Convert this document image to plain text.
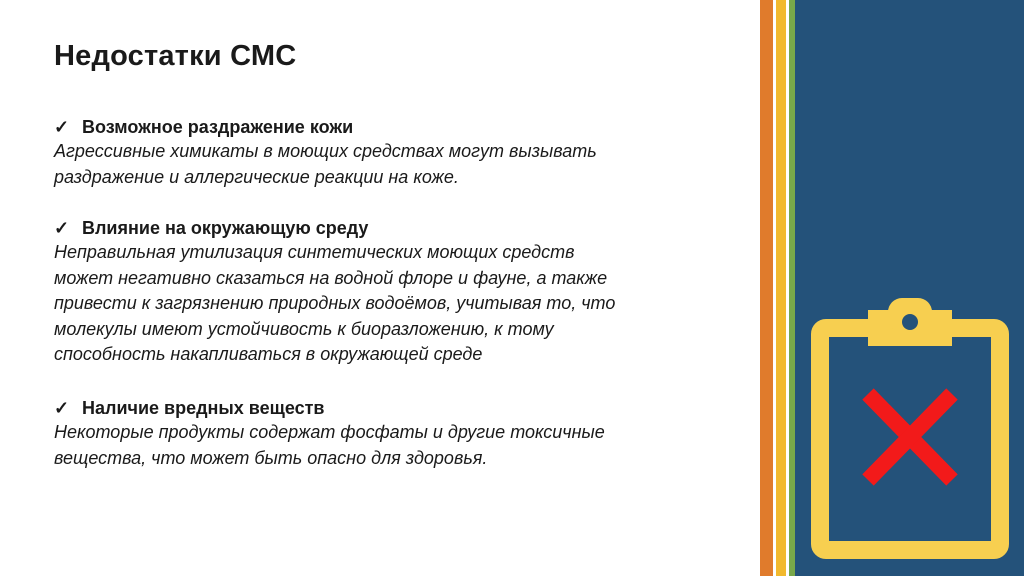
Недостатки СМС
✓ Возможное раздражение кожи

Агрессивные химикаты в моющих средствах могут вызывать
раздражение и аллергические реакции на коже.

✓ Влияние на окружающую среду

Неправильная утилизация синтетических моющих средств
может негативно сказаться на водной флоре и фауне, а также
привести к загрязнению природных водоёмов, учитывая то, что
молекулы имеют устойчивость к биоразложению, к тому
способность накапливаться в окружающей среде

✓ Наличие вредных веществ

Некоторые продукты содержат фосфаты и другие токсичные
вещества, что может быть опасно для здоровья.
